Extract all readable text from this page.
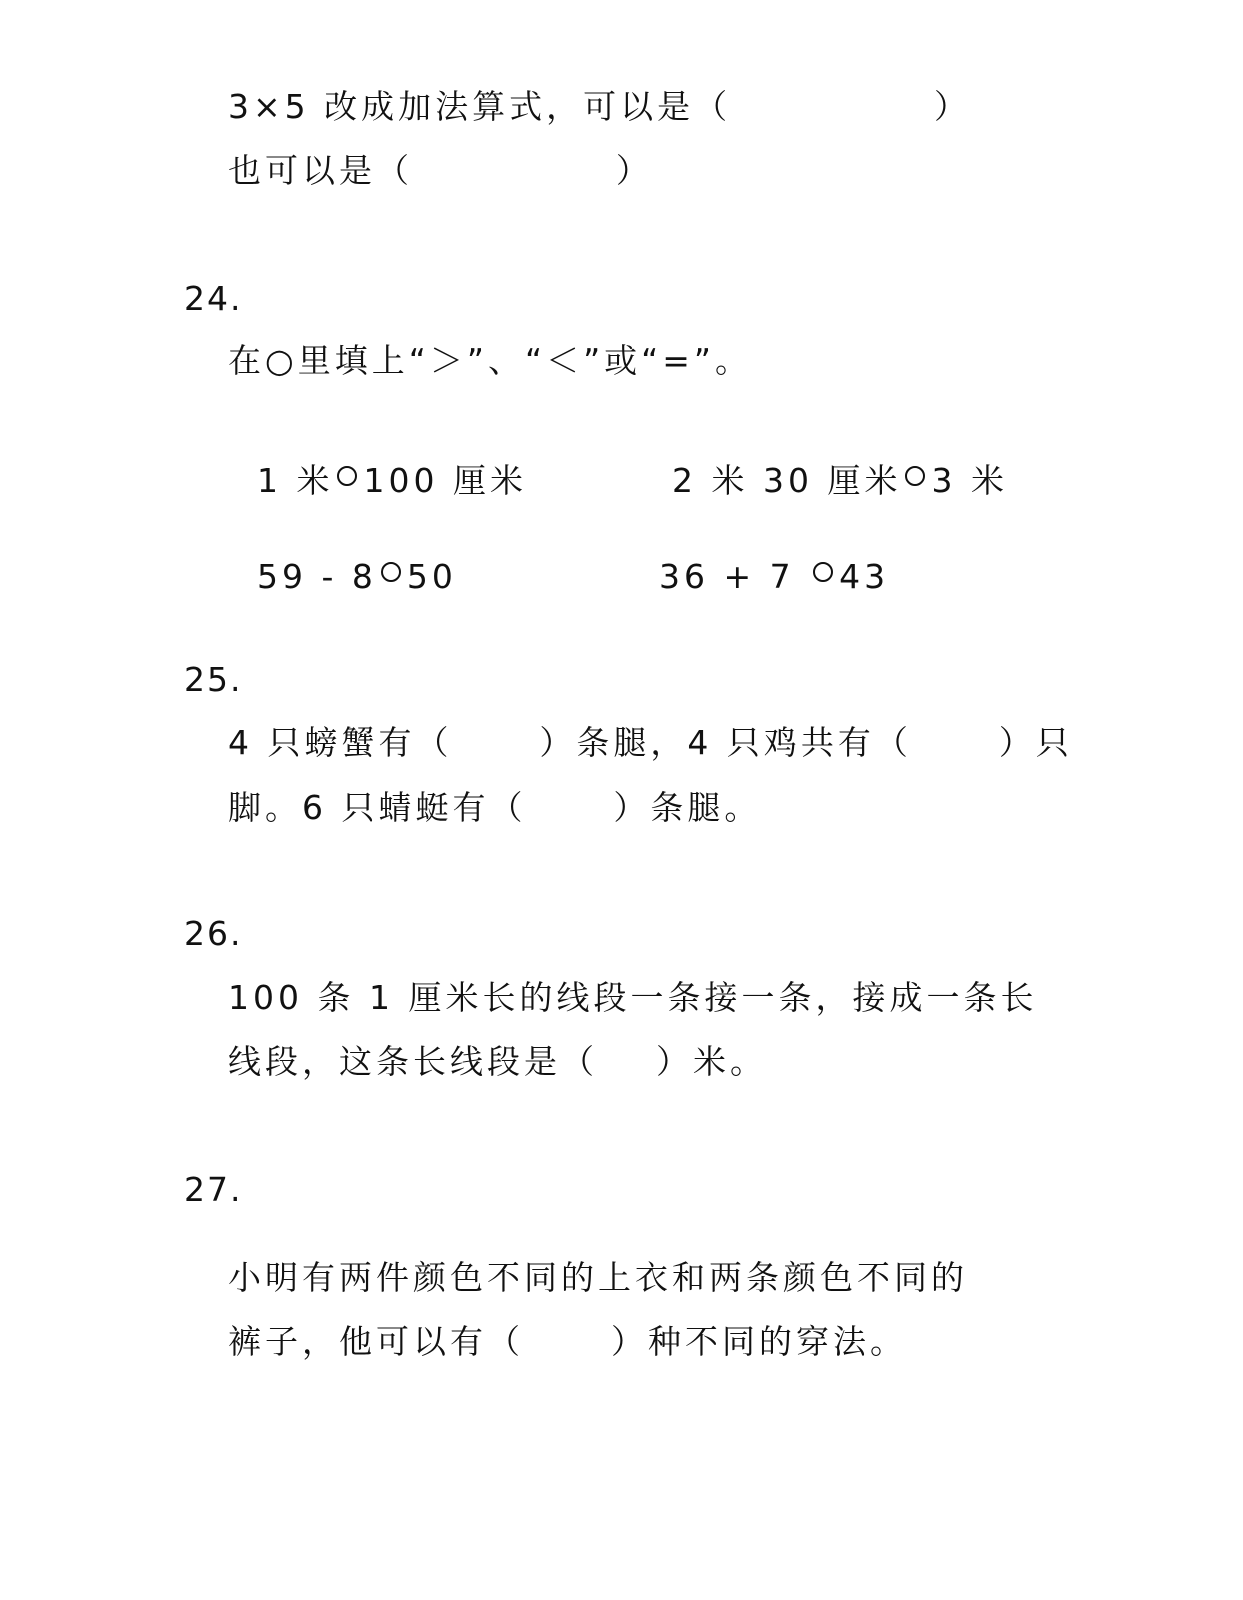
3×5 改成加法算式，可以是（              ）
也可以是（              ）
24.
在○里填上“＞”、“＜”或“=”。

1 米 100 厘米	2 米 30 厘米 3 米

59 - 8 50	36 + 7 43

25.
4 只螃蟹有（      ）条腿，4 只鸡共有（      ）只
脚。6 只蜻蜓有（      ）条腿。
26.
100 条 1 厘米长的线段一条接一条，接成一条长
线段，这条长线段是（    ）米。
27.
小明有两件颜色不同的上衣和两条颜色不同的
裤子，他可以有（      ）种不同的穿法。
